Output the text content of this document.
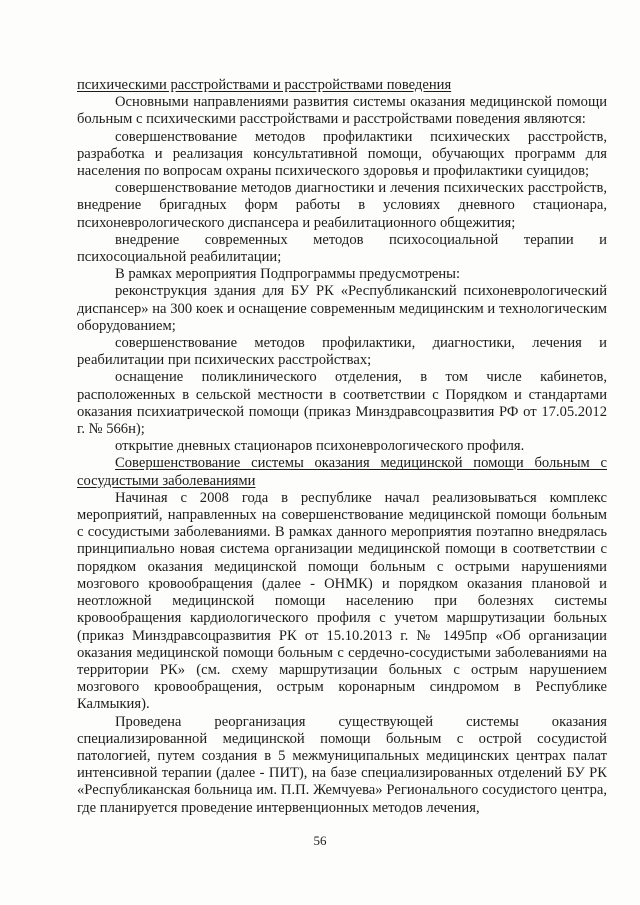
психическими расстройствами и расстройствами поведения

Основными направлениями развития системы оказания медицинской помощи больным с психическими расстройствами и расстройствами поведения являются:

совершенствование методов профилактики психических расстройств, разработка и реализация консультативной помощи, обучающих программ для населения по вопросам охраны психического здоровья и профилактики суицидов;

совершенствование методов диагностики и лечения психических расстройств, внедрение бригадных форм работы в условиях дневного стационара, психоневрологического диспансера и реабилитационного общежития;

внедрение современных методов психосоциальной терапии и психосоциальной реабилитации;

В рамках мероприятия Подпрограммы предусмотрены:

реконструкция здания для БУ РК «Республиканский психоневрологический диспансер» на 300 коек и оснащение современным медицинским и технологическим оборудованием;

совершенствование методов профилактики, диагностики, лечения и реабилитации при психических расстройствах;

оснащение поликлинического отделения, в том числе кабинетов, расположенных в сельской местности в соответствии с Порядком и стандартами оказания психиатрической помощи (приказ Минздравсоцразвития РФ от 17.05.2012 г. № 566н);

открытие дневных стационаров психоневрологического профиля.

Совершенствование системы оказания медицинской помощи больным с сосудистыми заболеваниями

Начиная с 2008 года в республике начал реализовываться комплекс мероприятий, направленных на совершенствование медицинской помощи больным с сосудистыми заболеваниями. В рамках данного мероприятия поэтапно внедрялась принципиально новая система организации медицинской помощи в соответствии с порядком оказания медицинской помощи больным с острыми нарушениями мозгового кровообращения (далее - ОНМК) и порядком оказания плановой и неотложной медицинской помощи населению при болезнях системы кровообращения кардиологического профиля с учетом маршрутизации больных (приказ Минздравсоцразвития РК от 15.10.2013 г. № 1495пр «Об организации оказания медицинской помощи больным с сердечно-сосудистыми заболеваниями на территории РК» (см. схему маршрутизации больных с острым нарушением мозгового кровообращения, острым коронарным синдромом в Республике Калмыкия).

Проведена реорганизация существующей системы оказания специализированной медицинской помощи больным с острой сосудистой патологией, путем создания в 5 межмуниципальных медицинских центрах палат интенсивной терапии (далее - ПИТ), на базе специализированных отделений БУ РК «Республиканская больница им. П.П. Жемчуева» Регионального сосудистого центра, где планируется проведение интервенционных методов лечения,

56
